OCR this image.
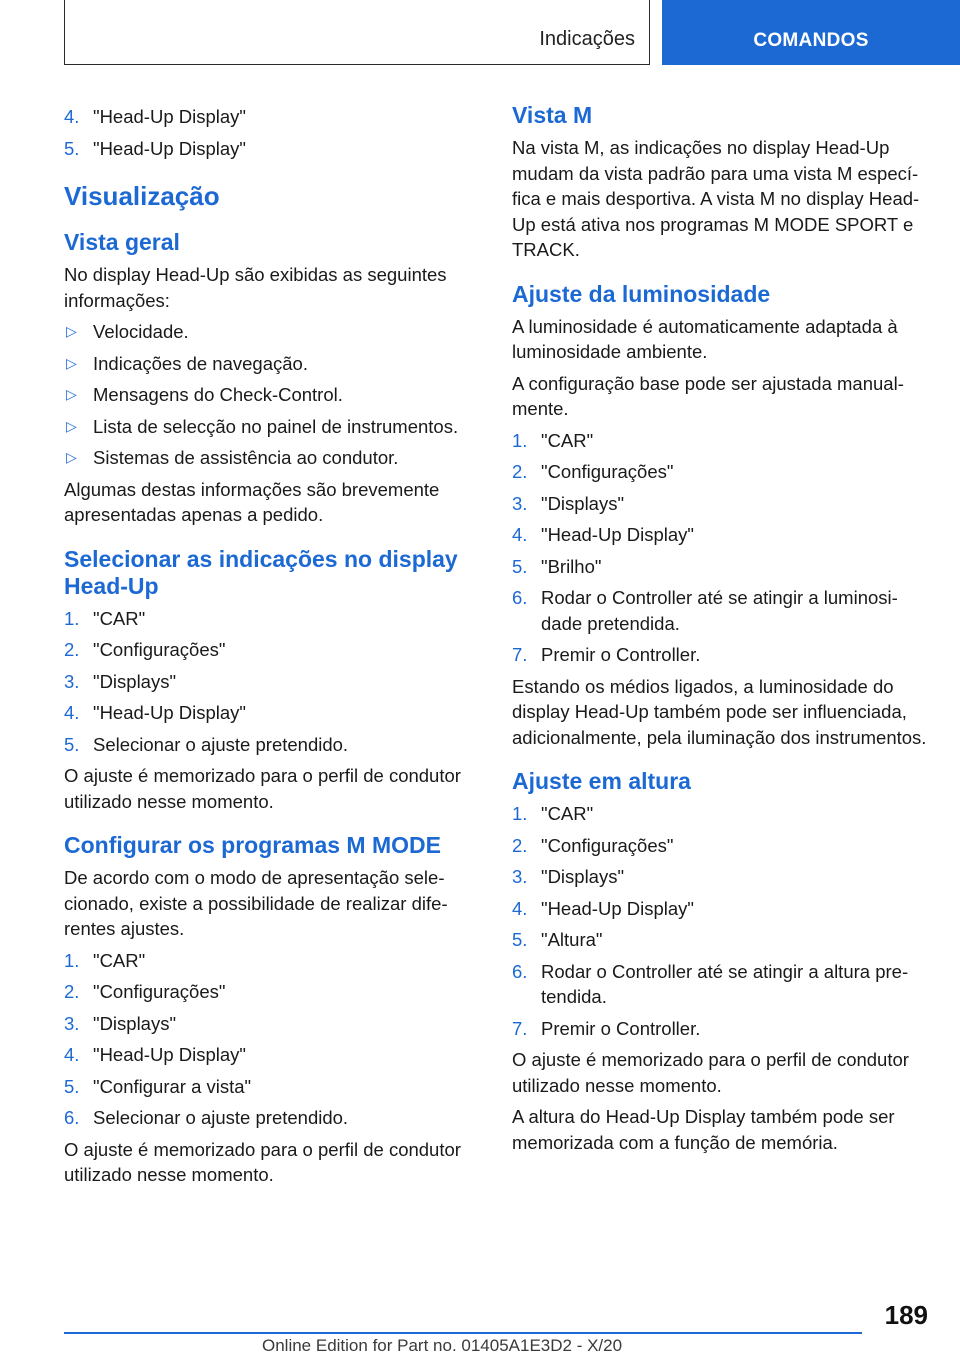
Indicações	COMANDOS
4. "Head-Up Display"
5. "Head-Up Display"
Visualização
Vista geral

No display Head-Up são exibidas as seguintes informações:

▷ Velocidade.
▷ Indicações de navegação.
▷ Mensagens do Check-Control.
▷ Lista de selecção no painel de instrumentos.
▷ Sistemas de assistência ao condutor.

Algumas destas informações são brevemente apresentadas apenas a pedido.

Selecionar as indicações no display Head-Up
1. "CAR"
2. "Configurações"
3. "Displays"
4. "Head-Up Display"
5. Selecionar o ajuste pretendido.

O ajuste é memorizado para o perfil de condutor utilizado nesse momento.

Configurar os programas M MODE

De acordo com o modo de apresentação selecionado, existe a possibilidade de realizar diferentes ajustes.

1. "CAR"
2. "Configurações"
3. "Displays"
4. "Head-Up Display"
5. "Configurar a vista"
6. Selecionar o ajuste pretendido.

O ajuste é memorizado para o perfil de condutor utilizado nesse momento.

Vista M

Na vista M, as indicações no display Head-Up mudam da vista padrão para uma vista M específica e mais desportiva. A vista M no display Head-Up está ativa nos programas M MODE SPORT e TRACK.

Ajuste da luminosidade

A luminosidade é automaticamente adaptada à luminosidade ambiente.

A configuração base pode ser ajustada manualmente.

1. "CAR"
2. "Configurações"
3. "Displays"
4. "Head-Up Display"
5. "Brilho"
6. Rodar o Controller até se atingir a luminosidade pretendida.
7. Premir o Controller.

Estando os médios ligados, a luminosidade do display Head-Up também pode ser influenciada, adicionalmente, pela iluminação dos instrumentos.

Ajuste em altura
1. "CAR"
2. "Configurações"
3. "Displays"
4. "Head-Up Display"
5. "Altura"
6. Rodar o Controller até se atingir a altura pretendida.
7. Premir o Controller.

O ajuste é memorizado para o perfil de condutor utilizado nesse momento.

A altura do Head-Up Display também pode ser memorizada com a função de memória.

189
Online Edition for Part no. 01405A1E3D2 - X/20
